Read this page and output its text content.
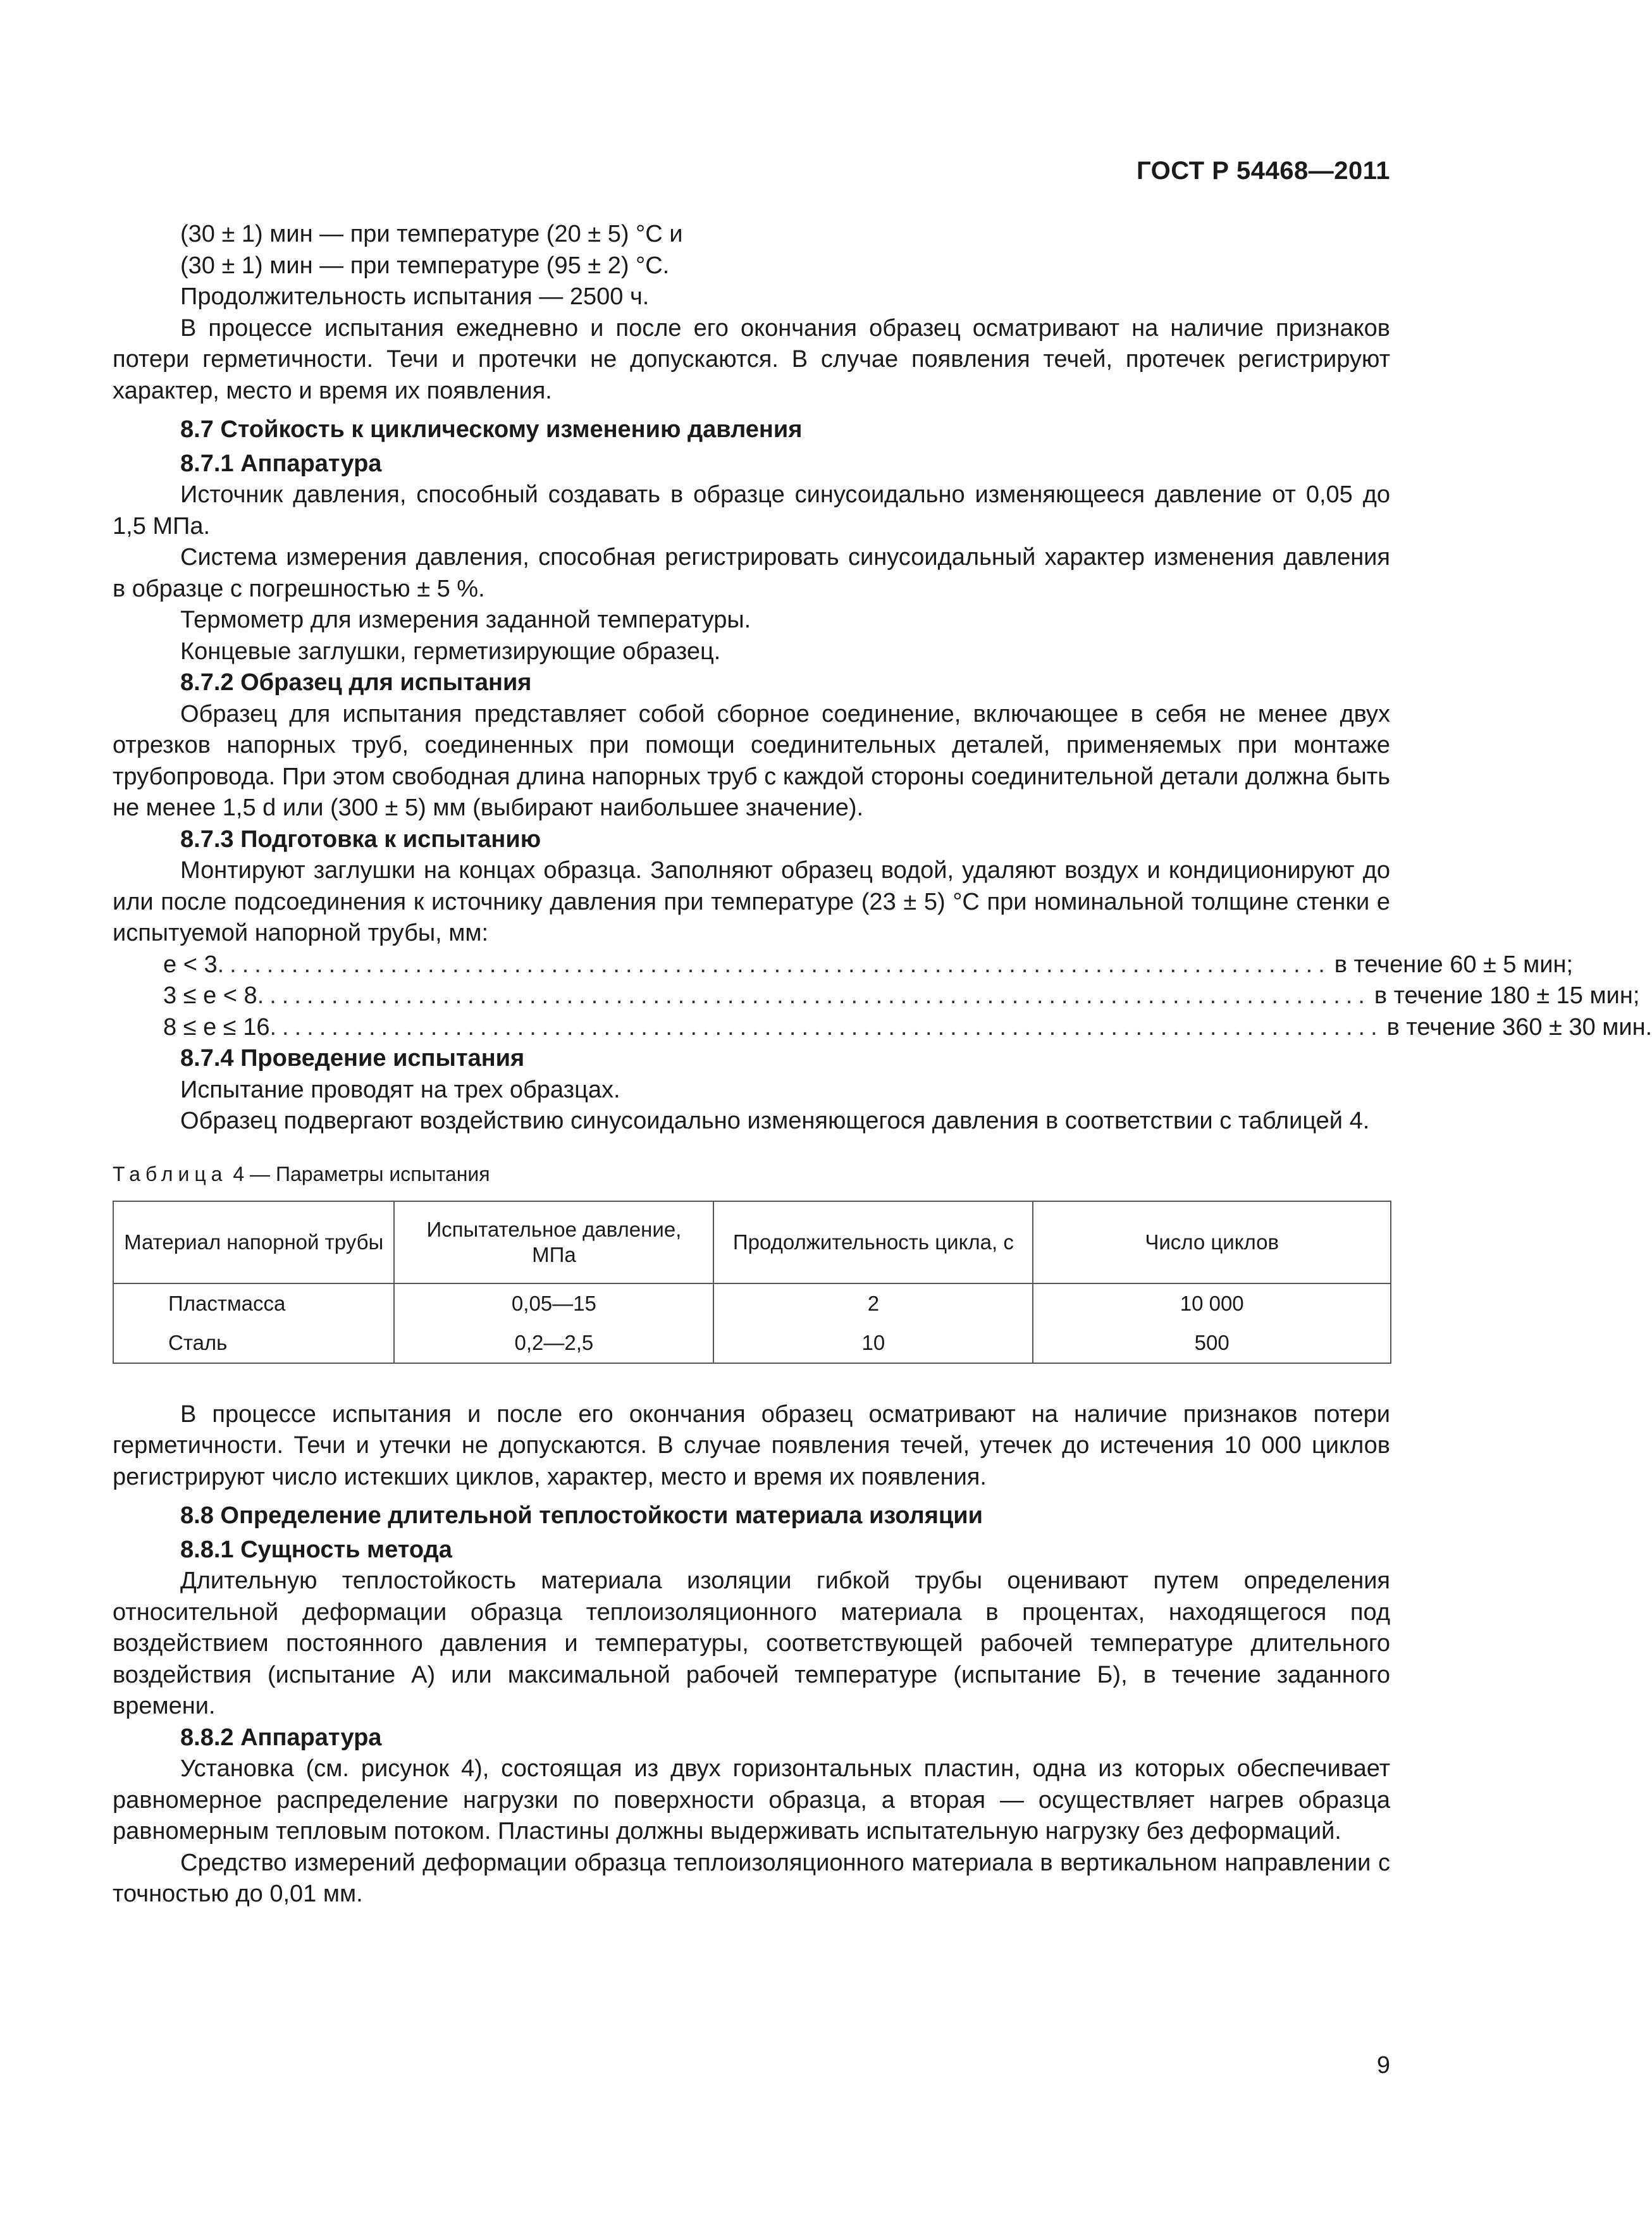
ГОСТ Р 54468—2011

(30 ± 1) мин — при температуре (20 ± 5) °С и

(30 ± 1) мин — при температуре (95 ± 2) °С.

Продолжительность испытания — 2500 ч.

В процессе испытания ежедневно и после его окончания образец осматривают на наличие признаков потери герметичности. Течи и протечки не допускаются. В случае появления течей, протечек регистрируют характер, место и время их появления.

8.7 Стойкость к циклическому изменению давления

8.7.1 Аппаратура

Источник давления, способный создавать в образце синусоидально изменяющееся давление от 0,05 до 1,5 МПа.

Система измерения давления, способная регистрировать синусоидальный характер изменения давления в образце с погрешностью ± 5 %.

Термометр для измерения заданной температуры.

Концевые заглушки, герметизирующие образец.

8.7.2 Образец для испытания

Образец для испытания представляет собой сборное соединение, включающее в себя не менее двух отрезков напорных труб, соединенных при помощи соединительных деталей, применяемых при монтаже трубопровода. При этом свободная длина напорных труб с каждой стороны соединительной детали должна быть не менее 1,5 d или (300 ± 5) мм (выбирают наибольшее значение).

8.7.3 Подготовка к испытанию

Монтируют заглушки на концах образца. Заполняют образец водой, удаляют воздух и кондиционируют до или после подсоединения к источнику давления при температуре (23 ± 5) °С при номинальной толщине стенки e испытуемой напорной трубы, мм:

e < 3 .......................................................................................... в течение 60 ± 5 мин;
3 ≤ e < 8 .......................................................................................... в течение 180 ± 15 мин;
8 ≤ e ≤ 16 .......................................................................................... в течение 360 ± 30 мин.

8.7.4 Проведение испытания

Испытание проводят на трех образцах.

Образец подвергают воздействию синусоидально изменяющегося давления в соответствии с таблицей 4.

Таблица 4 — Параметры испытания
Материал напорной трубы	Испытательное давление, МПа	Продолжительность цикла, с	Число циклов
Пластмасса	0,05—15	2	10 000
Сталь	0,2—2,5	10	500

В процессе испытания и после его окончания образец осматривают на наличие признаков потери герметичности. Течи и утечки не допускаются. В случае появления течей, утечек до истечения 10 000 циклов регистрируют число истекших циклов, характер, место и время их появления.

8.8 Определение длительной теплостойкости материала изоляции

8.8.1 Сущность метода

Длительную теплостойкость материала изоляции гибкой трубы оценивают путем определения относительной деформации образца теплоизоляционного материала в процентах, находящегося под воздействием постоянного давления и температуры, соответствующей рабочей температуре длительного воздействия (испытание А) или максимальной рабочей температуре (испытание Б), в течение заданного времени.

8.8.2 Аппаратура

Установка (см. рисунок 4), состоящая из двух горизонтальных пластин, одна из которых обеспечивает равномерное распределение нагрузки по поверхности образца, а вторая — осуществляет нагрев образца равномерным тепловым потоком. Пластины должны выдерживать испытательную нагрузку без деформаций.

Средство измерений деформации образца теплоизоляционного материала в вертикальном направлении с точностью до 0,01 мм.

9
